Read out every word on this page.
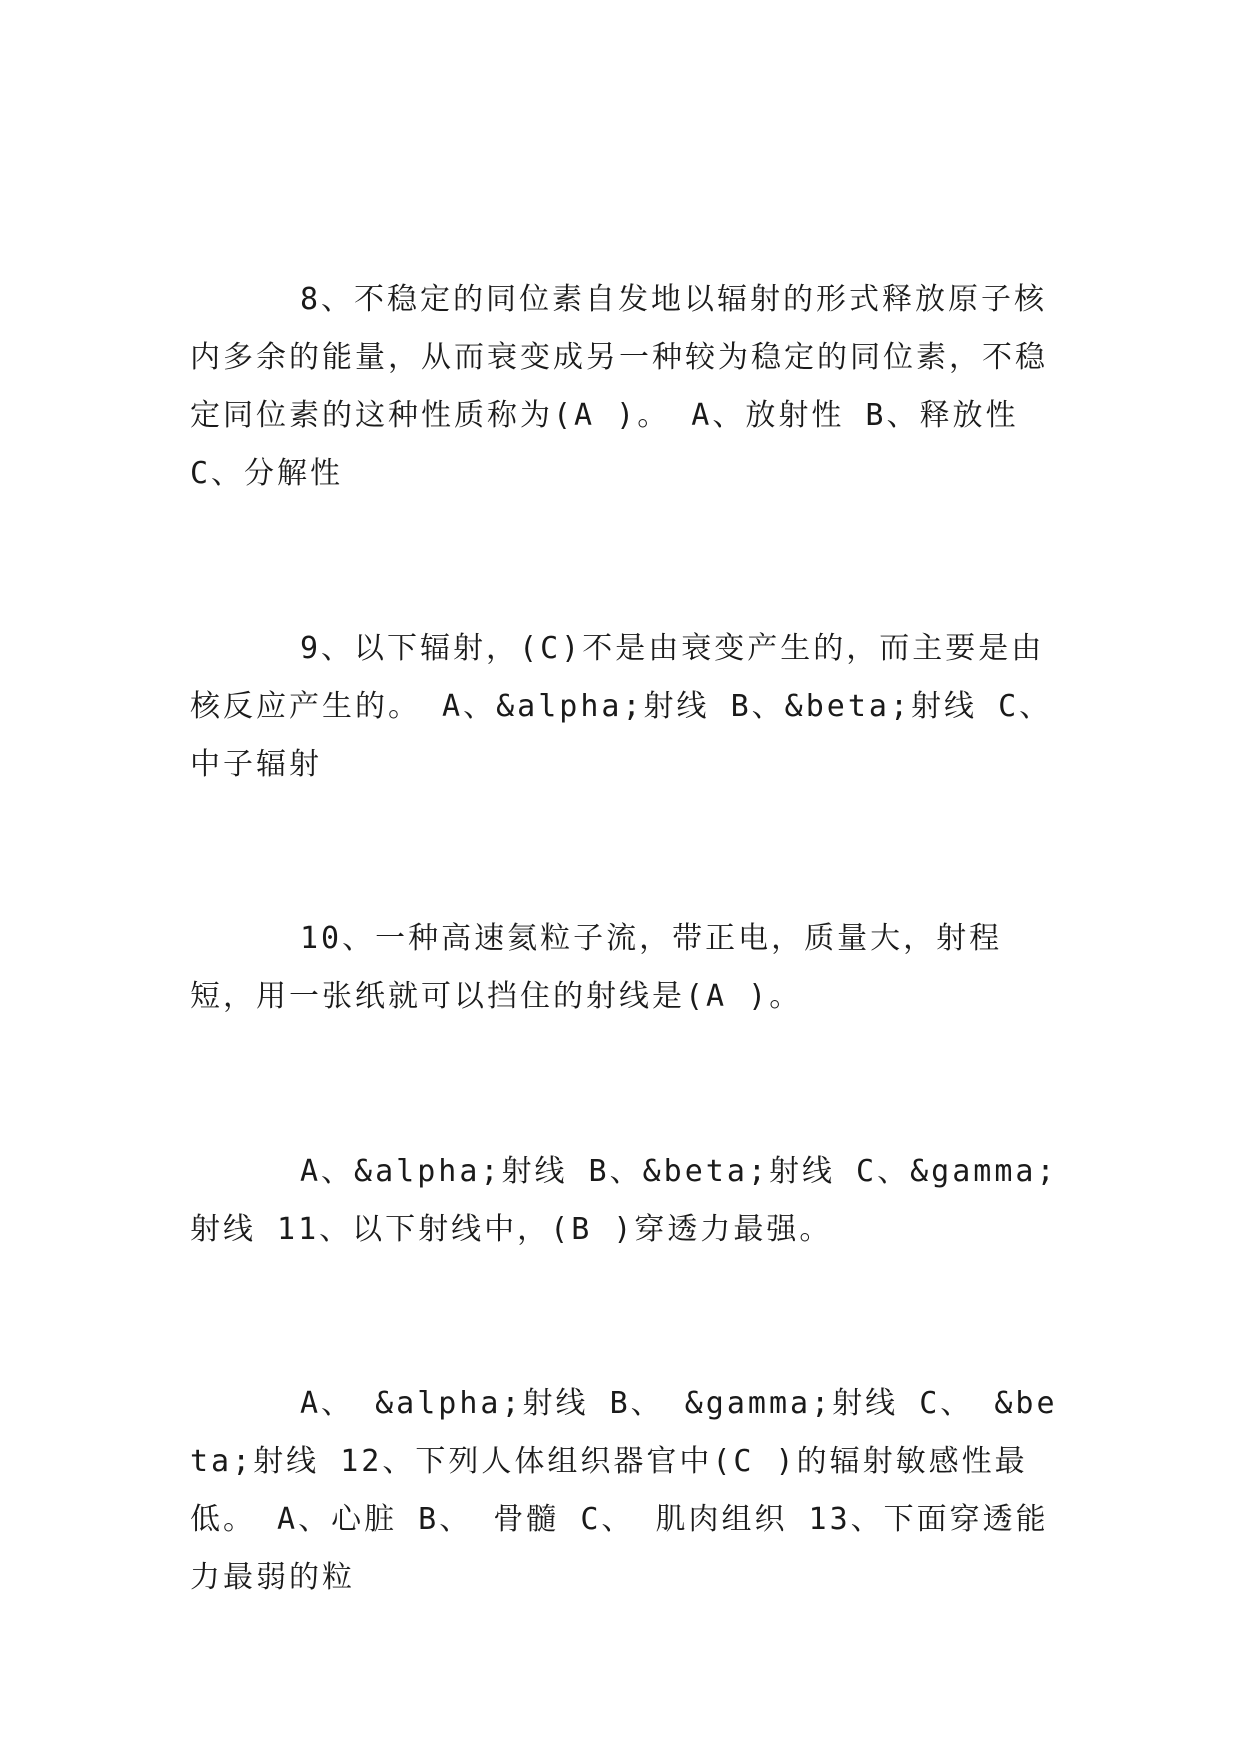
8、不稳定的同位素自发地以辐射的形式释放原子核内多余的能量，从而衰变成另一种较为稳定的同位素，不稳定同位素的这种性质称为(A )。 A、放射性 B、释放性 C、分解性

9、以下辐射，(C)不是由衰变产生的，而主要是由核反应产生的。 A、&alpha;射线 B、&beta;射线 C、中子辐射

10、一种高速氦粒子流，带正电，质量大，射程短，用一张纸就可以挡住的射线是(A )。

A、&alpha;射线 B、&beta;射线 C、&gamma;射线 11、以下射线中，(B )穿透力最强。

A、 &alpha;射线 B、 &gamma;射线 C、 &beta;射线 12、下列人体组织器官中(C )的辐射敏感性最低。 A、心脏 B、 骨髓 C、 肌肉组织 13、下面穿透能力最弱的粒
